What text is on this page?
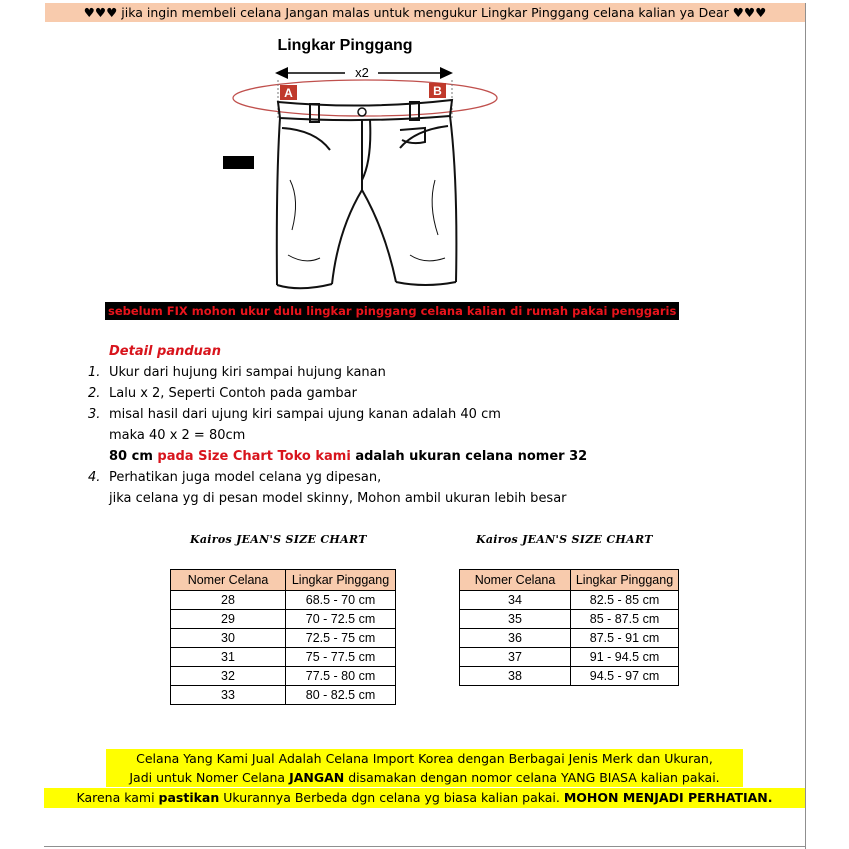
♥♥♥ jika ingin membeli celana Jangan malas untuk mengukur Lingkar Pinggang celana kalian ya Dear ♥♥♥
Lingkar Pinggang
x2
A	B
sebelum FIX mohon ukur dulu lingkar pinggang celana kalian di rumah pakai penggaris
Detail panduan
1. Ukur dari hujung kiri sampai hujung kanan
2. Lalu x 2, Seperti Contoh pada gambar
3. misal hasil dari ujung kiri sampai ujung kanan adalah 40 cm
maka 40 x 2 = 80cm
80 cm pada Size Chart Toko kami adalah ukuran celana nomer 32
4. Perhatikan juga model celana yg dipesan,
jika celana yg di pesan model skinny, Mohon ambil ukuran lebih besar
Kairos JEAN'S SIZE CHART
Nomer Celana	Lingkar Pinggang
28	68.5 - 70 cm
29	70 - 72.5 cm
30	72.5 - 75 cm
31	75 - 77.5 cm
32	77.5 - 80 cm
33	80 - 82.5 cm
Kairos JEAN'S SIZE CHART
Nomer Celana	Lingkar Pinggang
34	82.5 - 85 cm
35	85 - 87.5 cm
36	87.5 - 91 cm
37	91 - 94.5 cm
38	94.5 - 97 cm
Celana Yang Kami Jual Adalah Celana Import Korea dengan Berbagai Jenis Merk dan Ukuran,
Jadi untuk Nomer Celana JANGAN disamakan dengan nomor celana YANG BIASA kalian pakai.
Karena kami pastikan Ukurannya Berbeda dgn celana yg biasa kalian pakai. MOHON MENJADI PERHATIAN.
